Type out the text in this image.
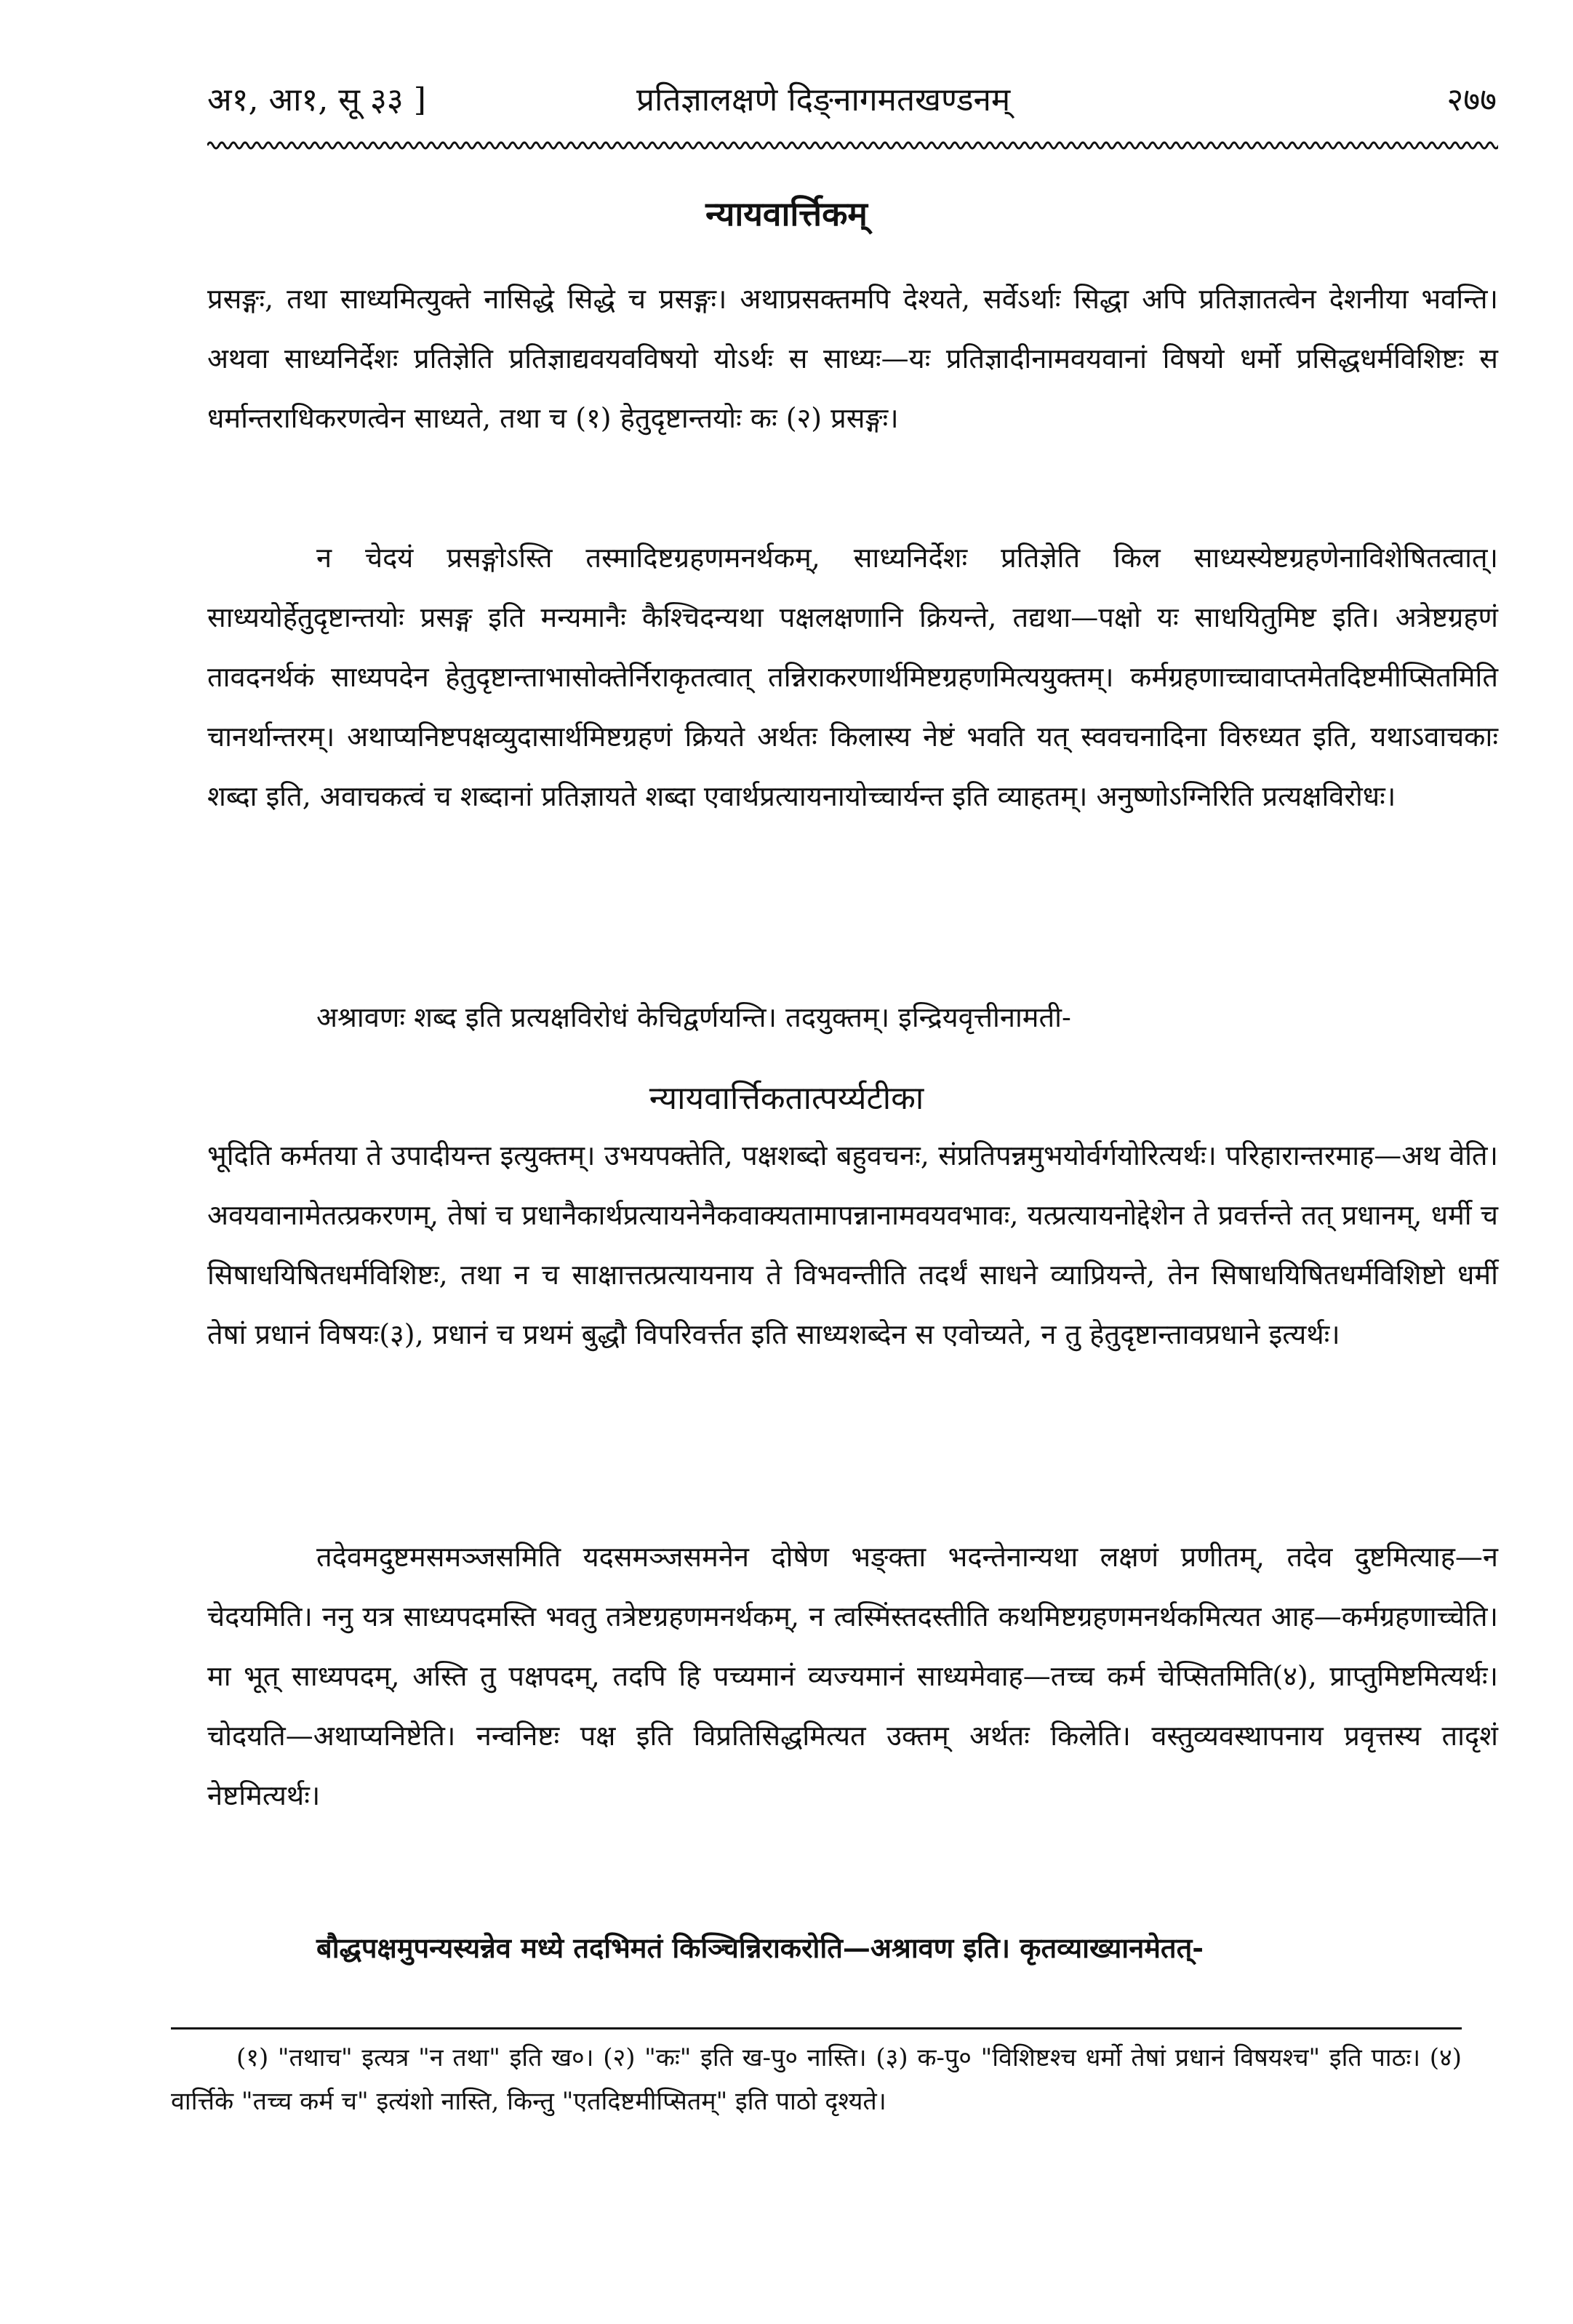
अ१, आ१, सू ३३ ]	प्रतिज्ञालक्षणे दिङ्नागमतखण्डनम्	२७७
न्यायवार्त्तिकम्
प्रसङ्गः, तथा साध्यमित्युक्ते नासिद्धे सिद्धे च प्रसङ्गः। अथाप्रसक्तमपि देश्यते, सर्वेऽर्थाः सिद्धा अपि प्रतिज्ञातत्वेन देशनीया भवन्ति। अथवा साध्यनिर्देशः प्रतिज्ञेति प्रतिज्ञाद्यवयवविषयो योऽर्थः स साध्यः—यः प्रतिज्ञादीनामवयवानां विषयो धर्मो प्रसिद्धधर्मविशिष्टः स धर्मान्तराधिकरणत्वेन साध्यते, तथा च (१) हेतुदृष्टान्तयोः कः (२) प्रसङ्गः।
न चेदयं प्रसङ्गोऽस्ति तस्मादिष्टग्रहणमनर्थकम्, साध्यनिर्देशः प्रतिज्ञेति किल साध्यस्येष्टग्रहणेनाविशेषितत्वात्। साध्ययोर्हेतुदृष्टान्तयोः प्रसङ्ग इति मन्यमानैः कैश्चिदन्यथा पक्षलक्षणानि क्रियन्ते, तद्यथा—पक्षो यः साधयितुमिष्ट इति। अत्रेष्टग्रहणं तावदनर्थकं साध्यपदेन हेतुदृष्टान्ताभासोक्तेर्निराकृतत्वात् तन्निराकरणार्थमिष्टग्रहणमित्ययुक्तम्। कर्मग्रहणाच्चावाप्तमेतदिष्टमीप्सितमिति चानर्थान्तरम्। अथाप्यनिष्टपक्षव्युदासार्थमिष्टग्रहणं क्रियते अर्थतः किलास्य नेष्टं भवति यत् स्ववचनादिना विरुध्यत इति, यथाऽवाचकाः शब्दा इति, अवाचकत्वं च शब्दानां प्रतिज्ञायते शब्दा एवार्थप्रत्यायनायोच्चार्यन्त इति व्याहतम्। अनुष्णोऽग्निरिति प्रत्यक्षविरोधः।
अश्रावणः शब्द इति प्रत्यक्षविरोधं केचिद्वर्णयन्ति। तदयुक्तम्। इन्द्रियवृत्तीनामती-
न्यायवार्त्तिकतात्पर्य्यटीका
भूदिति कर्मतया ते उपादीयन्त इत्युक्तम्। उभयपक्तेति, पक्षशब्दो बहुवचनः, संप्रतिपन्नमुभयोर्वर्गयोरित्यर्थः। परिहारान्तरमाह—अथ वेति। अवयवानामेतत्प्रकरणम्, तेषां च प्रधानैकार्थप्रत्यायनेनैकवाक्यतामापन्नानामवयवभावः, यत्प्रत्यायनोद्देशेन ते प्रवर्त्तन्ते तत् प्रधानम्, धर्मी च सिषाधयिषितधर्मविशिष्टः, तथा न च साक्षात्तत्प्रत्यायनाय ते विभवन्तीति तदर्थं साधने व्याप्रियन्ते, तेन सिषाधयिषितधर्मविशिष्टो धर्मी तेषां प्रधानं विषयः(३), प्रधानं च प्रथमं बुद्धौ विपरिवर्त्तत इति साध्यशब्देन स एवोच्यते, न तु हेतुदृष्टान्तावप्रधाने इत्यर्थः।
तदेवमदुष्टमसमञ्जसमिति यदसमञ्जसमनेन दोषेण भङ्क्ता भदन्तेनान्यथा लक्षणं प्रणीतम्, तदेव दुष्टमित्याह—न चेदयमिति। ननु यत्र साध्यपदमस्ति भवतु तत्रेष्टग्रहणमनर्थकम्, न त्वस्मिंस्तदस्तीति कथमिष्टग्रहणमनर्थकमित्यत आह—कर्मग्रहणाच्चेति। मा भूत् साध्यपदम्, अस्ति तु पक्षपदम्, तदपि हि पच्यमानं व्यज्यमानं साध्यमेवाह—तच्च कर्म चेप्सितमिति(४), प्राप्तुमिष्टमित्यर्थः। चोदयति—अथाप्यनिष्टेति। नन्वनिष्टः पक्ष इति विप्रतिसिद्धमित्यत उक्तम् अर्थतः किलेति। वस्तुव्यवस्थापनाय प्रवृत्तस्य तादृशं नेष्टमित्यर्थः।
बौद्धपक्षमुपन्यस्यन्नेव मध्ये तदभिमतं किञ्चिन्निराकरोति—अश्रावण इति। कृतव्याख्यानमेतत्-
(१) "तथाच" इत्यत्र "न तथा" इति ख०। (२) "कः" इति ख-पु० नास्ति। (३) क-पु० "विशिष्टश्च धर्मो तेषां प्रधानं विषयश्च" इति पाठः। (४) वार्त्तिके "तच्च कर्म च" इत्यंशो नास्ति, किन्तु "एतदिष्टमीप्सितम्" इति पाठो दृश्यते।
